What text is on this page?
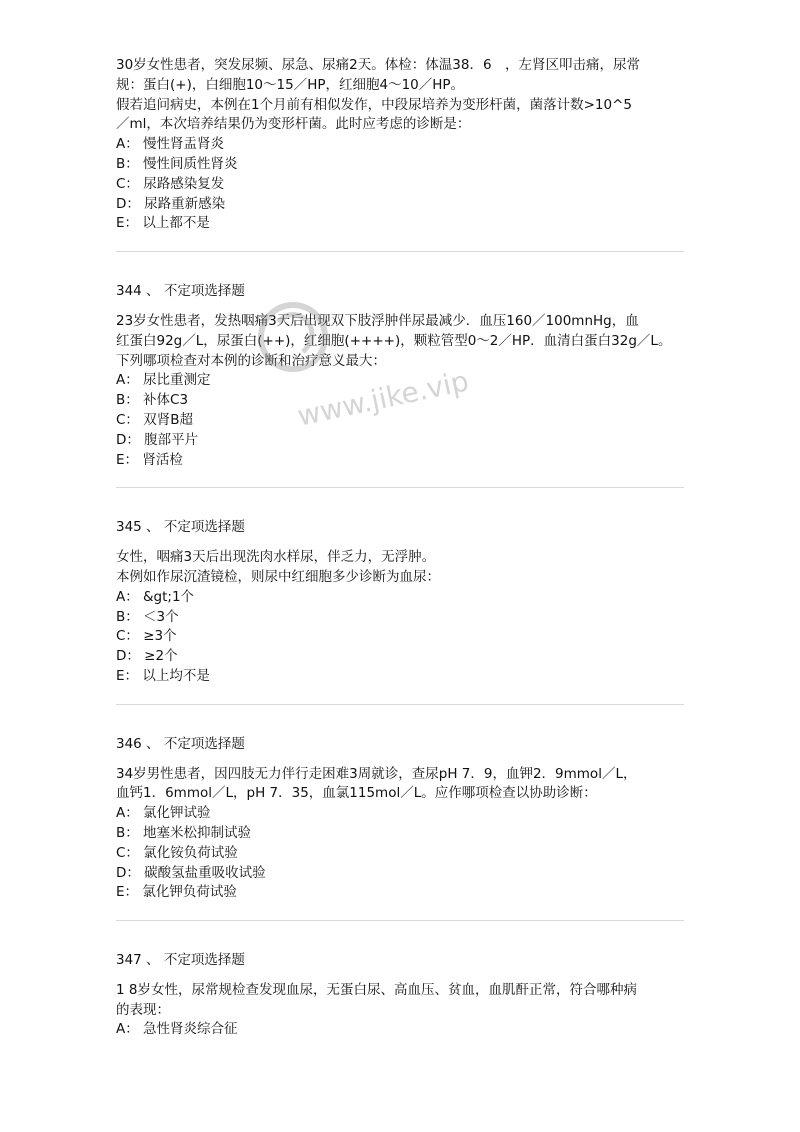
30岁女性患者，突发尿频、尿急、尿痛2天。体检：体温38．6　，左肾区叩击痛，尿常

规：蛋白(+)，白细胞10～15／HP，红细胞4～10／HP。

假若追问病史，本例在1个月前有相似发作，中段尿培养为变形杆菌，菌落计数>10^5

／ml，本次培养结果仍为变形杆菌。此时应考虑的诊断是：

A： 慢性肾盂肾炎

B： 慢性间质性肾炎

C： 尿路感染复发

D： 尿路重新感染

E： 以上都不是

344 、 不定项选择题

23岁女性患者，发热咽痛3天后出现双下肢浮肿伴尿最减少．血压160／100mnHg，血

红蛋白92g／L，尿蛋白(++)，红细胞(++++)，颗粒管型0～2／HP．血清白蛋白32g／L。

下列哪项检查对本例的诊断和治疗意义最大：

A： 尿比重测定

B： 补体C3

C： 双肾B超

D： 腹部平片

E： 肾活检

345 、 不定项选择题

女性，咽痛3天后出现洗肉水样尿，伴乏力，无浮肿。

本例如作尿沉渣镜检，则尿中红细胞多少诊断为血尿：

A： &gt;1个

B： ＜3个

C： ≥3个

D： ≥2个

E： 以上均不是

346 、 不定项选择题

34岁男性患者，因四肢无力伴行走困难3周就诊，查尿pH 7．9，血钾2．9mmol／L，

血钙1．6mmol／L，pH 7．35，血氯115mol／L。应作哪项检查以协助诊断：

A： 氯化钾试验

B： 地塞米松抑制试验

C： 氯化铵负荷试验

D： 碳酸氢盐重吸收试验

E： 氯化钾负荷试验

347 、 不定项选择题

1 8岁女性，尿常规检查发现血尿，无蛋白尿、高血压、贫血，血肌酐正常，符合哪种病

的表现：

A： 急性肾炎综合征

www.jike.vip
